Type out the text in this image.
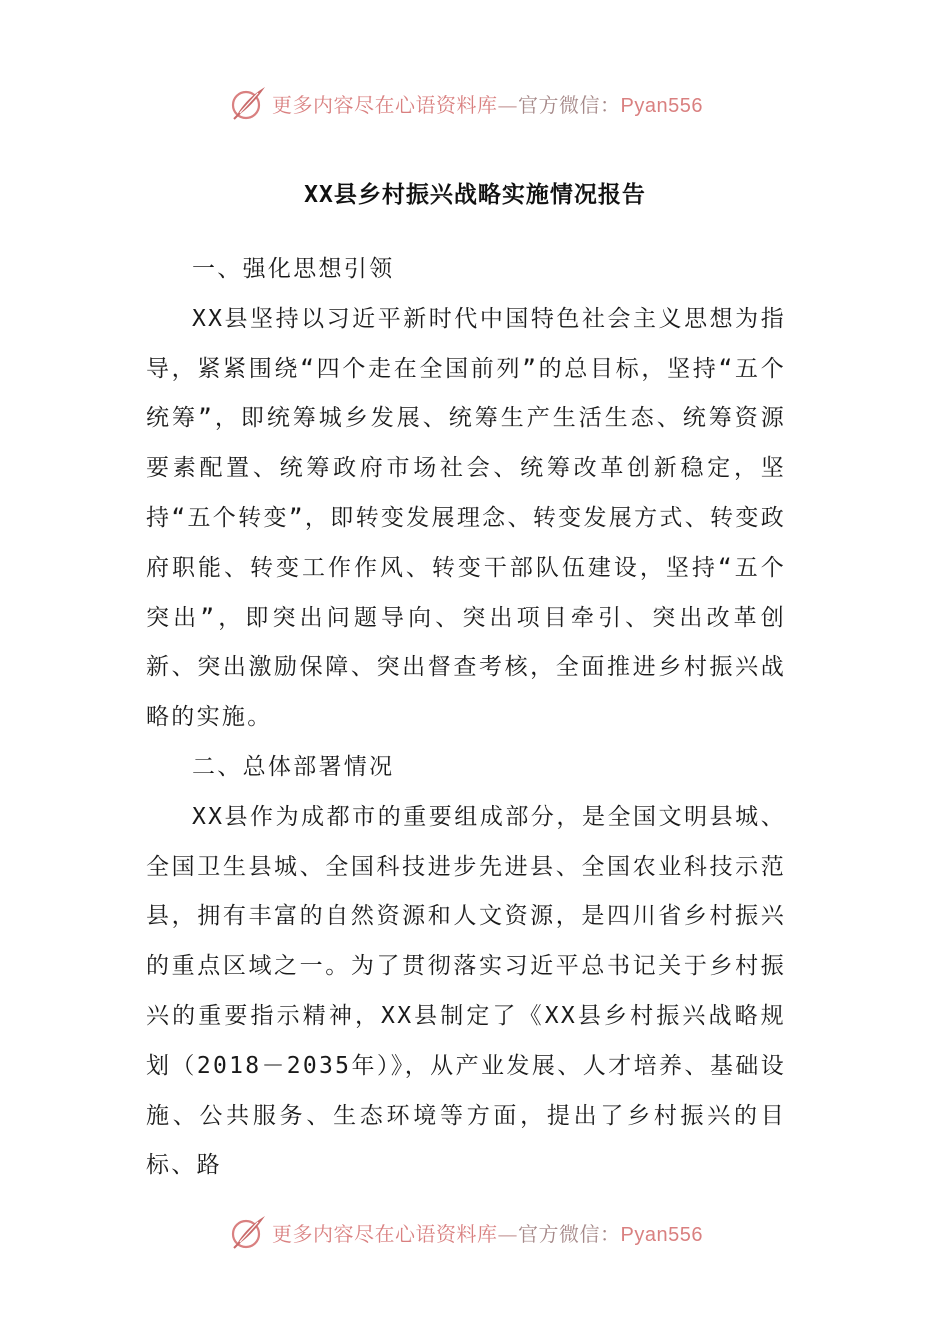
更多内容尽在心语资料库—官方微信：Pyan556
XX县乡村振兴战略实施情况报告

一、强化思想引领

XX县坚持以习近平新时代中国特色社会主义思想为指导，紧紧围绕“四个走在全国前列”的总目标，坚持“五个统筹”，即统筹城乡发展、统筹生产生活生态、统筹资源要素配置、统筹政府市场社会、统筹改革创新稳定，坚持“五个转变”，即转变发展理念、转变发展方式、转变政府职能、转变工作作风、转变干部队伍建设，坚持“五个突出”，即突出问题导向、突出项目牵引、突出改革创新、突出激励保障、突出督查考核，全面推进乡村振兴战略的实施。

二、总体部署情况

XX县作为成都市的重要组成部分，是全国文明县城、全国卫生县城、全国科技进步先进县、全国农业科技示范县，拥有丰富的自然资源和人文资源，是四川省乡村振兴的重点区域之一。为了贯彻落实习近平总书记关于乡村振兴的重要指示精神，XX县制定了《XX县乡村振兴战略规划（2018－2035年）》，从产业发展、人才培养、基础设施、公共服务、生态环境等方面，提出了乡村振兴的目标、路

更多内容尽在心语资料库—官方微信：Pyan556
